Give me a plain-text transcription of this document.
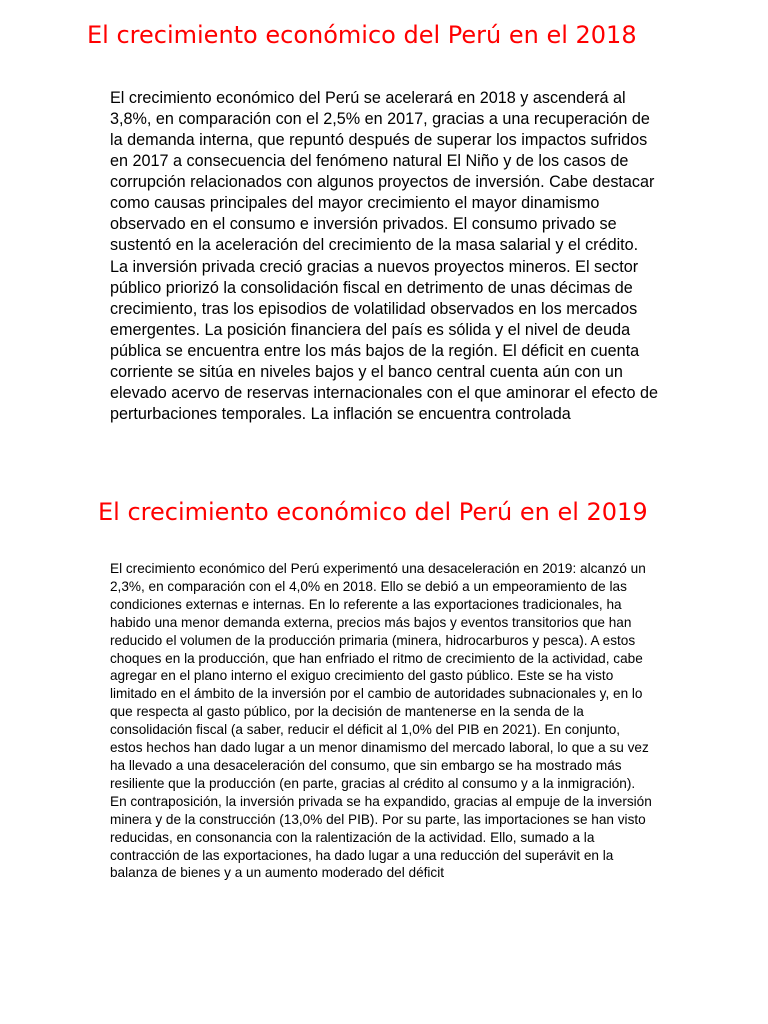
El crecimiento económico del Perú en el 2018

El crecimiento económico del Perú se acelerará en 2018 y ascenderá al 3,8%, en comparación con el 2,5% en 2017, gracias a una recuperación de la demanda interna, que repuntó después de superar los impactos sufridos en 2017 a consecuencia del fenómeno natural El Niño y de los casos de corrupción relacionados con algunos proyectos de inversión. Cabe destacar como causas principales del mayor crecimiento el mayor dinamismo observado en el consumo e inversión privados. El consumo privado se sustentó en la aceleración del crecimiento de la masa salarial y el crédito. La inversión privada creció gracias a nuevos proyectos mineros. El sector público priorizó la consolidación fiscal en detrimento de unas décimas de crecimiento, tras los episodios de volatilidad observados en los mercados emergentes. La posición financiera del país es sólida y el nivel de deuda pública se encuentra entre los más bajos de la región. El déficit en cuenta corriente se sitúa en niveles bajos y el banco central cuenta aún con un elevado acervo de reservas internacionales con el que aminorar el efecto de perturbaciones temporales. La inflación se encuentra controlada

El crecimiento económico del Perú en el 2019

El crecimiento económico del Perú experimentó una desaceleración en 2019: alcanzó un 2,3%, en comparación con el 4,0% en 2018. Ello se debió a un empeoramiento de las condiciones externas e internas. En lo referente a las exportaciones tradicionales, ha habido una menor demanda externa, precios más bajos y eventos transitorios que han reducido el volumen de la producción primaria (minera, hidrocarburos y pesca). A estos choques en la producción, que han enfriado el ritmo de crecimiento de la actividad, cabe agregar en el plano interno el exiguo crecimiento del gasto público. Este se ha visto limitado en el ámbito de la inversión por el cambio de autoridades subnacionales y, en lo que respecta al gasto público, por la decisión de mantenerse en la senda de la consolidación fiscal (a saber, reducir el déficit al 1,0% del PIB en 2021). En conjunto, estos hechos han dado lugar a un menor dinamismo del mercado laboral, lo que a su vez ha llevado a una desaceleración del consumo, que sin embargo se ha mostrado más resiliente que la producción (en parte, gracias al crédito al consumo y a la inmigración). En contraposición, la inversión privada se ha expandido, gracias al empuje de la inversión minera y de la construcción (13,0% del PIB). Por su parte, las importaciones se han visto reducidas, en consonancia con la ralentización de la actividad. Ello, sumado a la contracción de las exportaciones, ha dado lugar a una reducción del superávit en la balanza de bienes y a un aumento moderado del déficit
